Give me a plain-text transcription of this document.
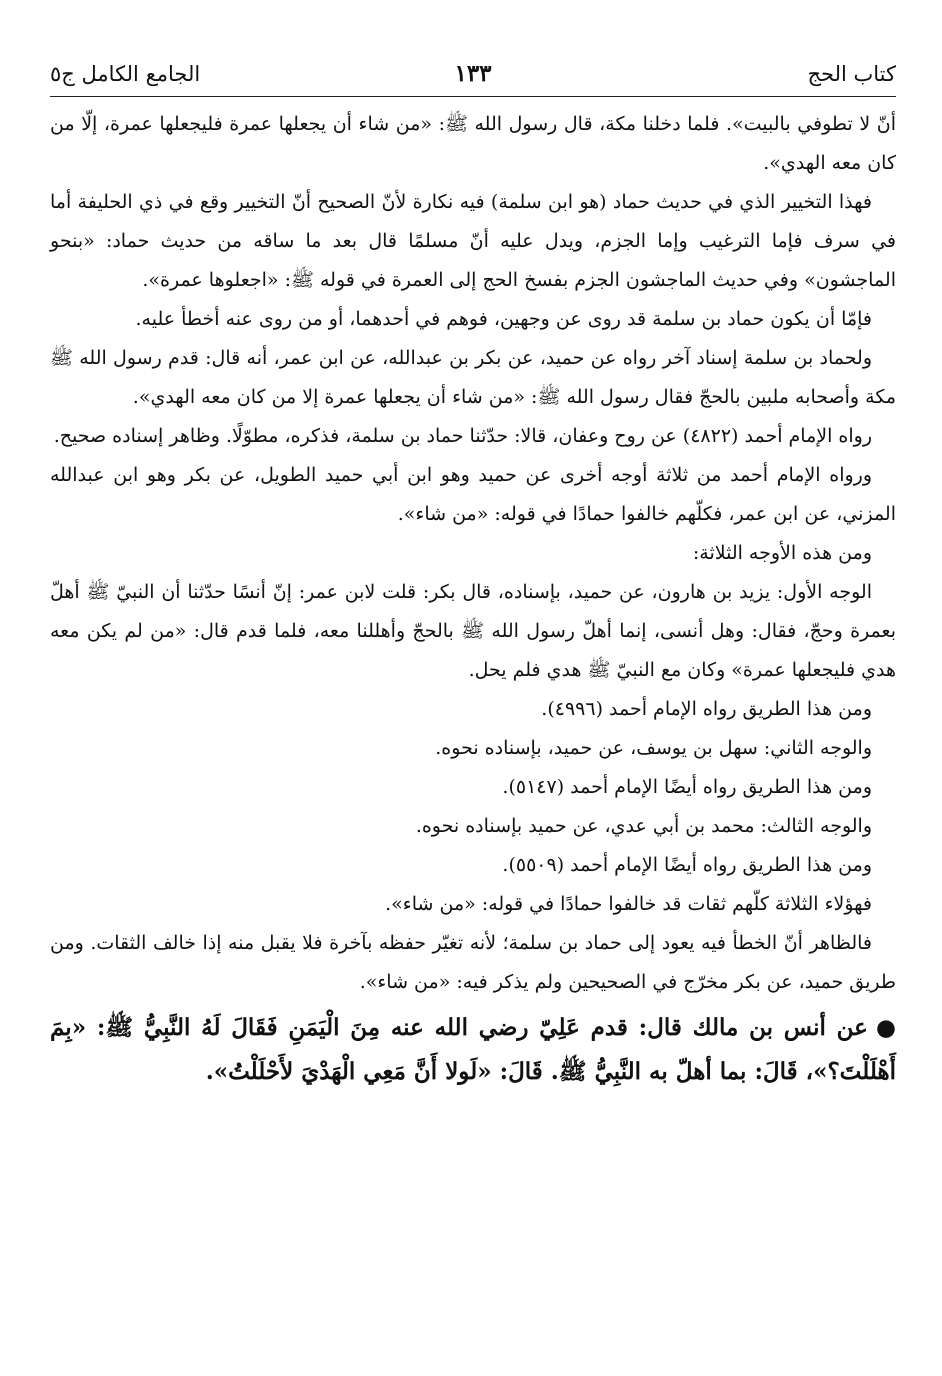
كتاب الحج
١٣٣
الجامع الكامل ج٥

أنّ لا تطوفي بالبيت». فلما دخلنا مكة، قال رسول الله ﷺ: «من شاء أن يجعلها عمرة فليجعلها عمرة، إلّا من كان معه الهدي».

فهذا التخيير الذي في حديث حماد (هو ابن سلمة) فيه نكارة لأنّ الصحيح أنّ التخيير وقع في ذي الحليفة أما في سرف فإما الترغيب وإما الجزم، ويدل عليه أنّ مسلمًا قال بعد ما ساقه من حديث حماد: «بنحو الماجشون» وفي حديث الماجشون الجزم بفسخ الحج إلى العمرة في قوله ﷺ: «اجعلوها عمرة».

فإمّا أن يكون حماد بن سلمة قد روى عن وجهين، فوهم في أحدهما، أو من روى عنه أخطأ عليه.

ولحماد بن سلمة إسناد آخر رواه عن حميد، عن بكر بن عبدالله، عن ابن عمر، أنه قال: قدم رسول الله ﷺ مكة وأصحابه ملبين بالحجّ فقال رسول الله ﷺ: «من شاء أن يجعلها عمرة إلا من كان معه الهدي».

رواه الإمام أحمد (٤٨٢٢) عن روح وعفان، قالا: حدّثنا حماد بن سلمة، فذكره، مطوّلًا. وظاهر إسناده صحيح.

ورواه الإمام أحمد من ثلاثة أوجه أخرى عن حميد وهو ابن أبي حميد الطويل، عن بكر وهو ابن عبدالله المزني، عن ابن عمر، فكلّهم خالفوا حمادًا في قوله: «من شاء».

ومن هذه الأوجه الثلاثة:

الوجه الأول: يزيد بن هارون، عن حميد، بإسناده، قال بكر: قلت لابن عمر: إنّ أنسًا حدّثنا أن النبيّ ﷺ أهلّ بعمرة وحجّ، فقال: وهل أنسى، إنما أهلّ رسول الله ﷺ بالحجّ وأهللنا معه، فلما قدم قال: «من لم يكن معه هدي فليجعلها عمرة» وكان مع النبيّ ﷺ هدي فلم يحل.

ومن هذا الطريق رواه الإمام أحمد (٤٩٩٦).

والوجه الثاني: سهل بن يوسف، عن حميد، بإسناده نحوه.

ومن هذا الطريق رواه أيضًا الإمام أحمد (٥١٤٧).

والوجه الثالث: محمد بن أبي عدي، عن حميد بإسناده نحوه.

ومن هذا الطريق رواه أيضًا الإمام أحمد (٥٥٠٩).

فهؤلاء الثلاثة كلّهم ثقات قد خالفوا حمادًا في قوله: «من شاء».

فالظاهر أنّ الخطأ فيه يعود إلى حماد بن سلمة؛ لأنه تغيّر حفظه بآخرة فلا يقبل منه إذا خالف الثقات. ومن طريق حميد، عن بكر مخرّج في الصحيحين ولم يذكر فيه: «من شاء».

●عن أنس بن مالك قال: قدم عَلِيّ رضي الله عنه مِنَ الْيَمَنِ فَقَالَ لَهُ النَّبِيُّ ﷺ: «بِمَ أَهْلَلْتَ؟»، قَالَ: بما أهلّ به النَّبِيُّ ﷺ. قَالَ: «لَولا أَنَّ مَعِي الْهَدْيَ لأَحْلَلْتُ».
